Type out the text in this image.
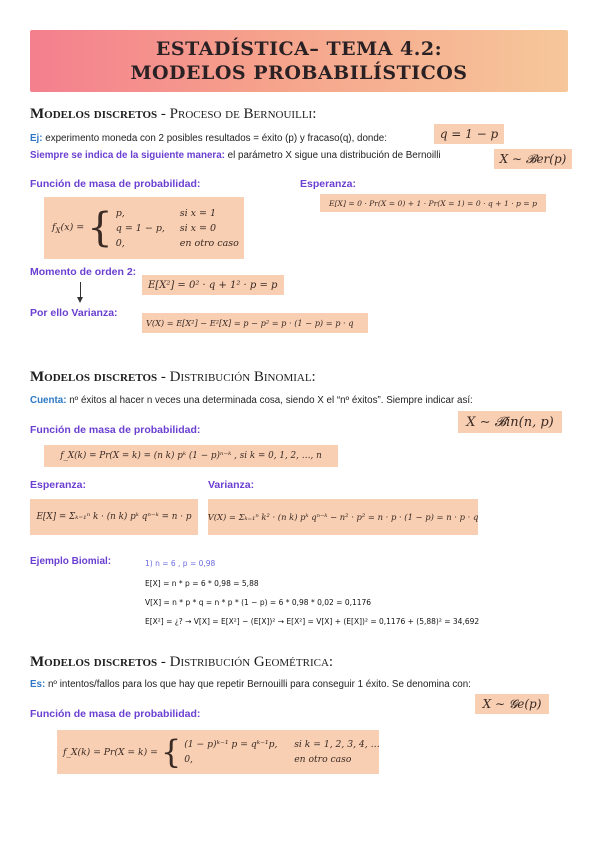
ESTADÍSTICA– TEMA 4.2:
MODELOS PROBABILÍSTICOS
Modelos discretos - Proceso de Bernouilli:
Ej: experimento moneda con 2 posibles resultados = éxito (p) y fracaso(q), donde:	q = 1 − p
Siempre se indica de la siguiente manera: el parámetro X sigue una distribución de Bernoilli	X ∼ 𝓑er(p)
Función de masa de probabilidad:	Esperanza:
$f_X(x)$ = { p,	si x = 1
q = 1 − p,	si x = 0
0,	en otro caso
E[X] = 0 · Pr(X = 0) + 1 · Pr(X = 1) = 0 · q + 1 · p = p
Momento de orden 2:
E[X²] = 0² · q + 1² · p = p
Por ello Varianza:
V(X) = E[X²] − E²[X] = p − p² = p · (1 − p) = p · q
Modelos discretos - Distribución Binomial:
Cuenta: nº éxitos al hacer n veces una determinada cosa, siendo X el “nº éxitos”. Siempre indicar así:
X ∼ 𝓑in(n, p)
Función de masa de probabilidad:
f_X(k) = Pr(X = k) = (n k) pᵏ (1 − p)ⁿ⁻ᵏ , si k = 0, 1, 2, …, n
Esperanza:	Varianza:
E[X] = Σₖ₌₁ⁿ k · (n k) pᵏ qⁿ⁻ᵏ = n · p	V(X) = Σₖ₌₁ⁿ k² · (n k) pᵏ qⁿ⁻ᵏ − n² · p² = n · p · (1 − p) = n · p · q
Ejemplo Biomial:	1) n = 6 , p = 0,98
E[X] = n * p = 6 * 0,98 = 5,88
V[X] = n * p * q = n * p * (1 − p) = 6 * 0,98 * 0,02 = 0,1176
E[X²] = ¿? → V[X] = E[X²] − (E[X])² → E[X²] = V[X] + (E[X])² = 0,1176 + (5,88)² = 34,692
Modelos discretos - Distribución Geométrica:
Es: nº intentos/fallos para los que hay que repetir Bernouilli para conseguir 1 éxito. Se denomina con:
X ∼ 𝓖e(p)
Función de masa de probabilidad:
f_X(k) = Pr(X = k) = { (1 − p)ᵏ⁻¹ p = qᵏ⁻¹p,	si k = 1, 2, 3, 4, …
0,	en otro caso
